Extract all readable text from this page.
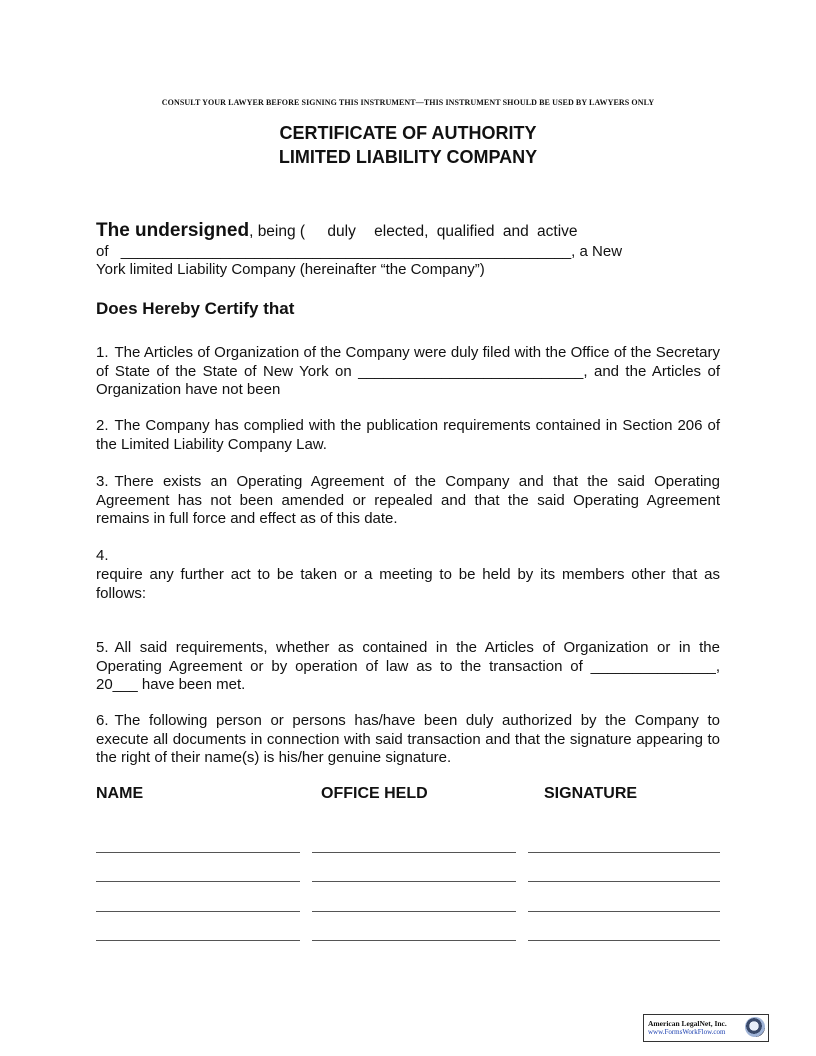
CONSULT YOUR LAWYER BEFORE SIGNING THIS INSTRUMENT—THIS INSTRUMENT SHOULD BE USED BY LAWYERS ONLY
CERTIFICATE OF AUTHORITY
LIMITED LIABILITY COMPANY
The undersigned, being ( duly elected, qualified and active
of ______________________________________________________, a New
York limited Liability Company (hereinafter “the Company”)
Does Hereby Certify that
1. The Articles of Organization of the Company were duly filed with the Office of the Secretary of State of the State of New York on ___________________________, and the Articles of Organization have not been
2. The Company has complied with the publication requirements contained in Section 206 of the Limited Liability Company Law.
3. There exists an Operating Agreement of the Company and that the said Operating Agreement has not been amended or repealed and that the said Operating Agreement remains in full force and effect as of this date.
4.
require any further act to be taken or a meeting to be held by its members other that as follows:
5. All said requirements, whether as contained in the Articles of Organization or in the Operating Agreement or by operation of law as to the transaction of _______________, 20___ have been met.
6. The following person or persons has/have been duly authorized by the Company to execute all documents in connection with said transaction and that the signature appearing to the right of their name(s) is his/her genuine signature.
NAME	OFFICE HELD	SIGNATURE
American LegalNet, Inc.
www.FormsWorkFlow.com
